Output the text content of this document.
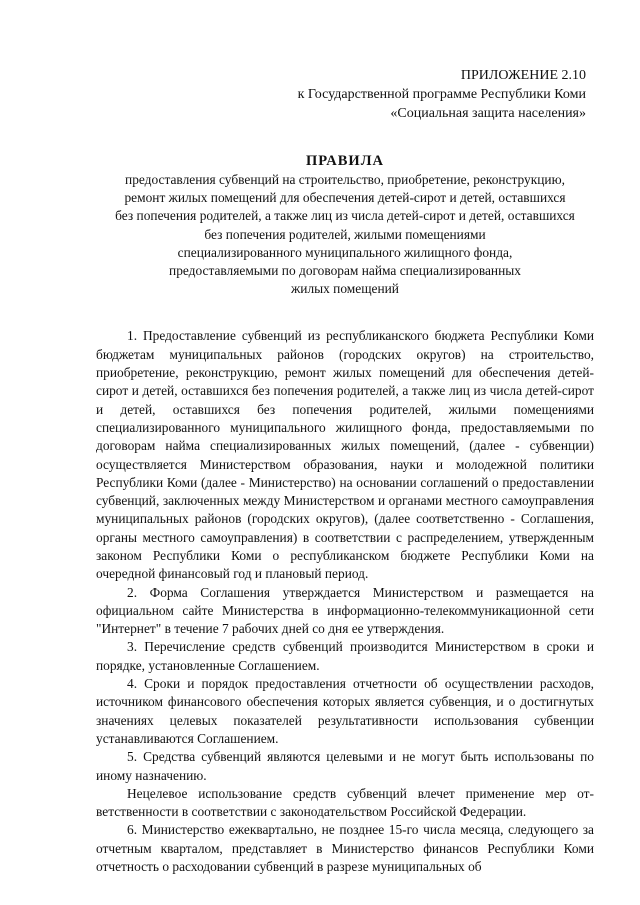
ПРИЛОЖЕНИЕ 2.10
к Государственной программе Республики Коми
«Социальная защита населения»
ПРАВИЛА
предоставления субвенций на строительство, приобретение, реконструкцию,
ремонт жилых помещений для обеспечения детей-сирот и детей, оставшихся
без попечения родителей, а также лиц из числа детей-сирот и детей, оставшихся
без попечения родителей, жилыми помещениями
специализированного муниципального жилищного фонда,
предоставляемыми по договорам найма специализированных
жилых помещений

1. Предоставление субвенций из республиканского бюджета Республики Коми бюджетам муниципальных районов (городских округов) на строительство, приобретение, реконструкцию, ремонт жилых помещений для обеспечения детей-сирот и детей, оставшихся без попечения родителей, а также лиц из числа детей-сирот и детей, оставшихся без попечения родителей, жилыми помещениями специализированного муниципального жилищного фонда, предоставляемыми по договорам найма специализированных жилых помещений, (далее - субвенции) осуществляется Министерством образования, науки и молодежной политики Республики Коми (далее - Министерство) на основании соглашений о предоставлении субвенций, заключенных между Министерством и органами местного самоуправления муниципальных районов (городских округов), (далее соответственно - Соглашения, органы местного самоуправления) в соответствии с распределением, утвержденным законом Республики Коми о республиканском бюджете Республики Коми на очередной финансовый год и плановый период.

2. Форма Соглашения утверждается Министерством и размещается на официальном сайте Министерства в информационно-телекоммуникационной сети "Интернет" в течение 7 рабочих дней со дня ее утверждения.

3. Перечисление средств субвенций производится Министерством в сроки и порядке, установленные Соглашением.

4. Сроки и порядок предоставления отчетности об осуществлении расходов, источником финансового обеспечения которых является субвенция, и о достигнутых значениях целевых показателей результативности использования субвенции устанавливаются Соглашением.

5. Средства субвенций являются целевыми и не могут быть использованы по иному назначению.

Нецелевое использование средств субвенций влечет применение мер ответственности в соответствии с законодательством Российской Федерации.

6. Министерство ежеквартально, не позднее 15-го числа месяца, следующего за отчетным кварталом, представляет в Министерство финансов Республики Коми отчетность о расходовании субвенций в разрезе муниципальных об
